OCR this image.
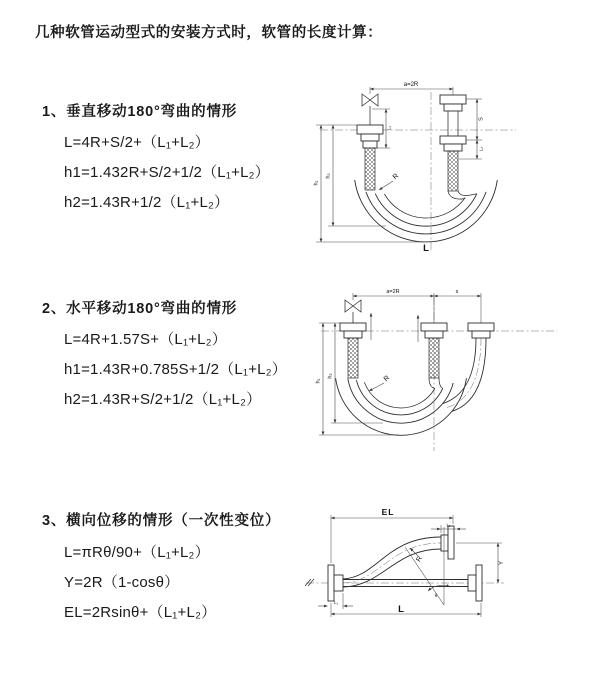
几种软管运动型式的安装方式时，软管的长度计算：
1、垂直移动180°弯曲的情形
L=4R+S/2+（L₁+L₂）
h1=1.432R+S/2+1/2（L₁+L₂）
h2=1.43R+1/2（L₁+L₂）
2、水平移动180°弯曲的情形
L=4R+1.57S+（L₁+L₂）
h1=1.43R+0.785S+1/2（L₁+L₂）
h2=1.43R+S/2+1/2（L₁+L₂）
3、横向位移的情形（一次性变位）
L=πRθ/90+（L₁+L₂）
Y=2R（1-cosθ）
EL=2Rsinθ+（L₁+L₂）
a=2R
S
L₂
L₁
h₁
h₂	R
L
a=2R	s
h₁
h₂	R
EL
L₁
Y
L
L₁
R
θ
